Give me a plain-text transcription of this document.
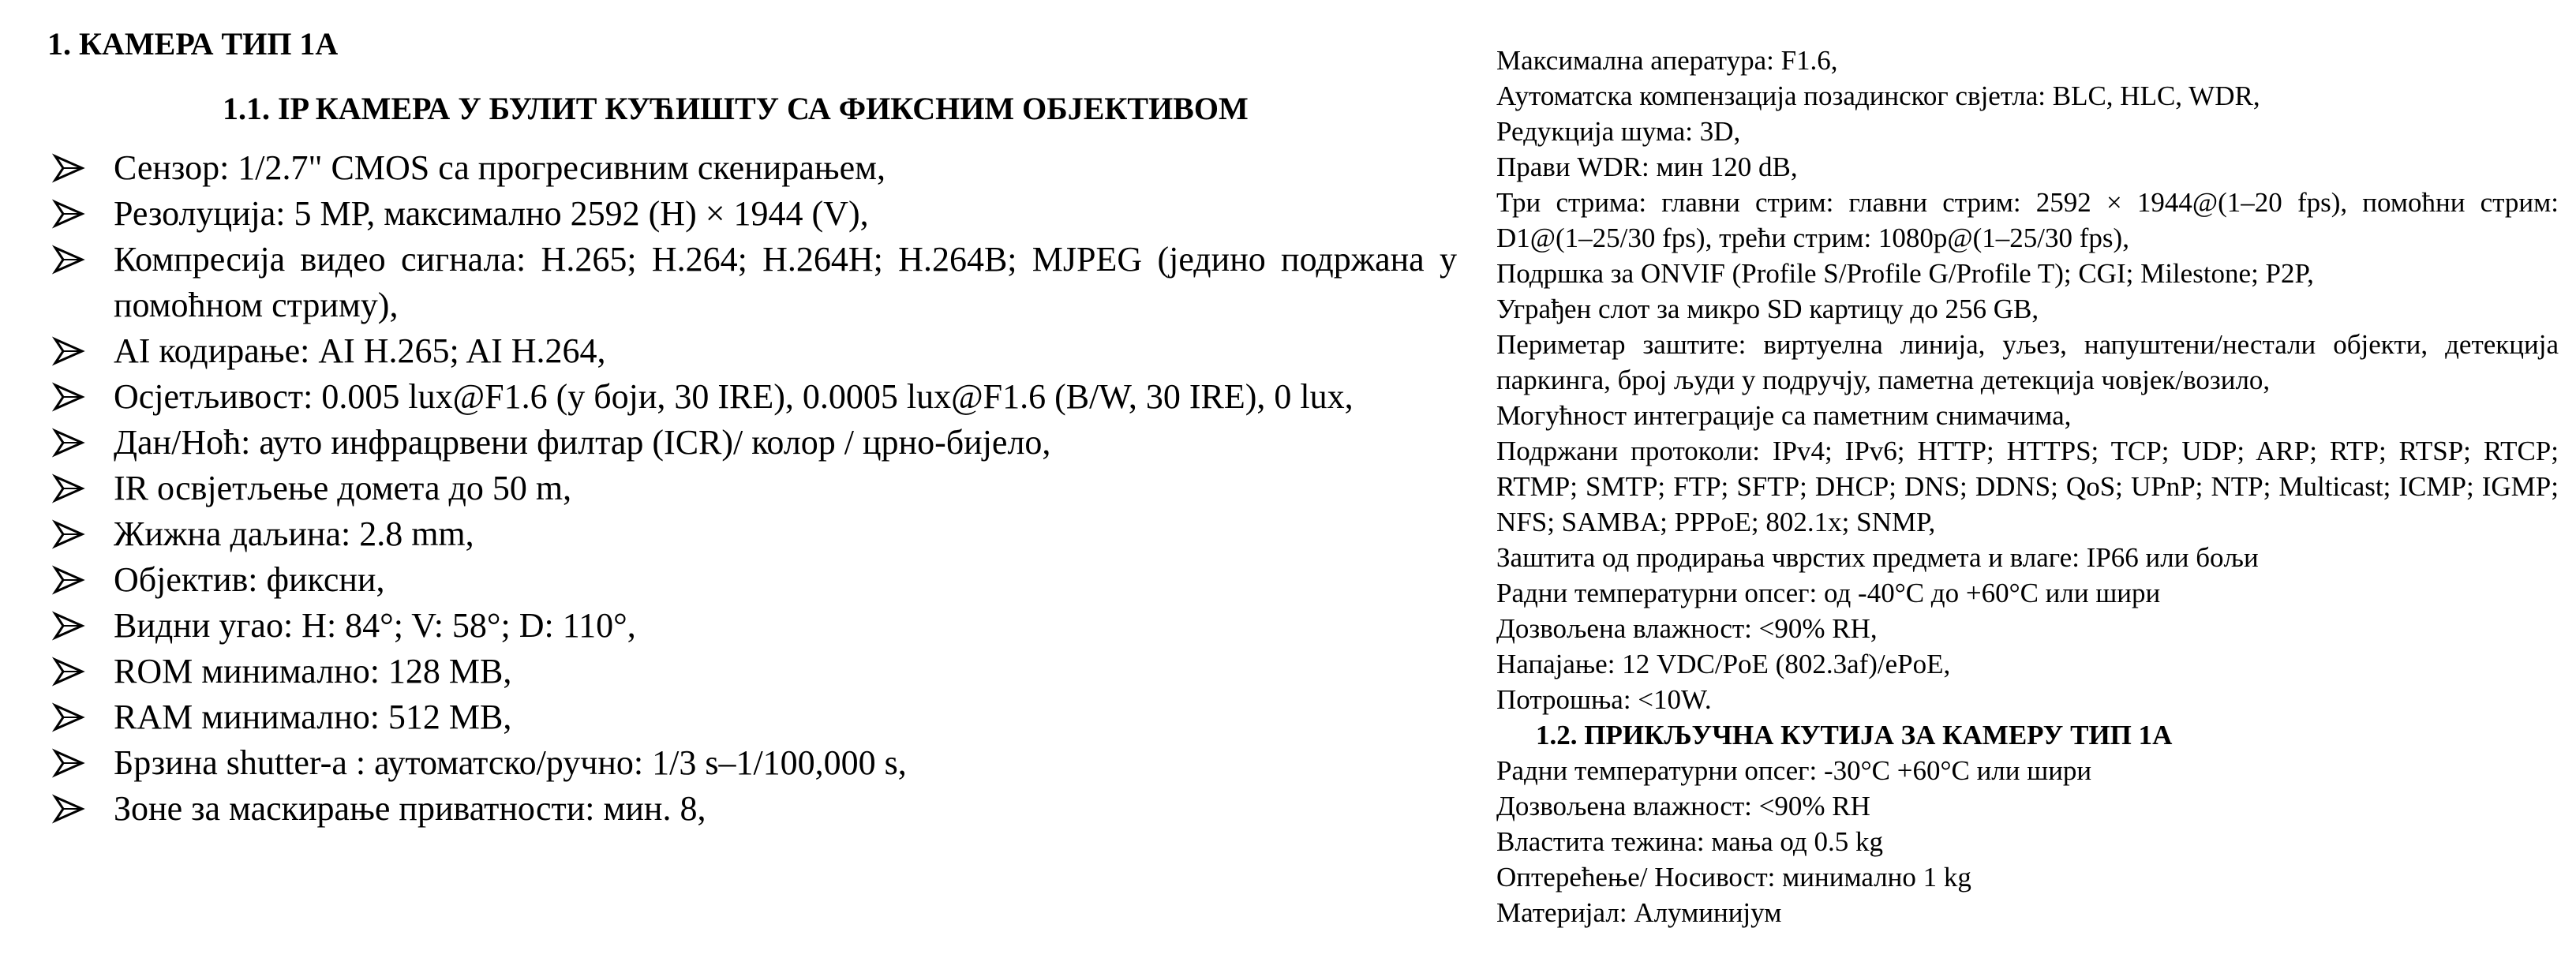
1. КАМЕРА ТИП 1А
1.1. IP КАМЕРА У БУЛИТ КУЋИШТУ СА ФИКСНИМ ОБЈЕКТИВОМ
Сензор: 1/2.7" CMOS са прогресивним скенирањем,
Резолуција: 5 MP, максимално 2592 (H) × 1944 (V),
Компресија видео сигнала: H.265; H.264; H.264H; H.264B; MJPEG (једино подржана у помоћном стриму),
AI кодирање: AI H.265; AI H.264,
Осјетљивост: 0.005 lux@F1.6 (у боји, 30 IRE), 0.0005 lux@F1.6 (B/W, 30 IRE), 0 lux,
Дан/Ноћ: ауто инфрацрвени филтар (ICR)/ колор / црно-бијело,
IR освјетљење домета до 50 m,
Жижна даљина: 2.8 mm,
Објектив: фиксни,
Видни угао: H: 84°; V: 58°; D: 110°,
ROM минимално: 128 MB,
RAM минимално: 512 MB,
Брзина shutter-a : аутоматско/ручно: 1/3 s–1/100,000 s,
Зоне за маскирање приватности: мин. 8,
Максимална апературa: F1.6,
Аутоматска компензација позадинског свјетла: BLC, HLC, WDR,
Редукција шума: 3D,
Прави WDR: мин 120 dB,
Три стрима: главни стрим: главни стрим: 2592 × 1944@(1–20 fps), помоћни стрим: D1@(1–25/30 fps), трећи стрим: 1080p@(1–25/30 fps),
Подршка за ONVIF (Profile S/Profile G/Profile T); CGI; Milestone; P2P,
Уграђен слот за микро SD картицу до 256 GB,
Периметар заштите: виртуелна линија, уљез, напуштени/нестали објекти, детекција паркинга, број људи у подручју, паметна детекција човјек/возило,
Могућност интеграције са паметним снимачима,
Подржани протоколи: IPv4; IPv6; HTTP; HTTPS; TCP; UDP; ARP; RTP; RTSP; RTCP; RTMP; SMTP; FTP; SFTP; DHCP; DNS; DDNS; QoS; UPnP; NTP; Multicast; ICMP; IGMP; NFS; SAMBA; PPPoE; 802.1x; SNMP,
Заштита од продирања чврстих предмета и влаге: IP66 или бољи
Радни температурни опсег: од -40°C до +60°C или шири
Дозвољена влажност: <90% RH,
Напајање: 12 VDC/PoE (802.3af)/ePoE,
Потрошња: <10W.
1.2. ПРИКЉУЧНА КУТИЈА ЗА КАМЕРУ ТИП 1А
Радни температурни опсег: -30°C +60°C или шири
Дозвољена влажност: <90% RH
Властита тежина: мања од 0.5 kg
Оптерећење/ Носивост: минимално 1 kg
Материјал: Алуминијум
